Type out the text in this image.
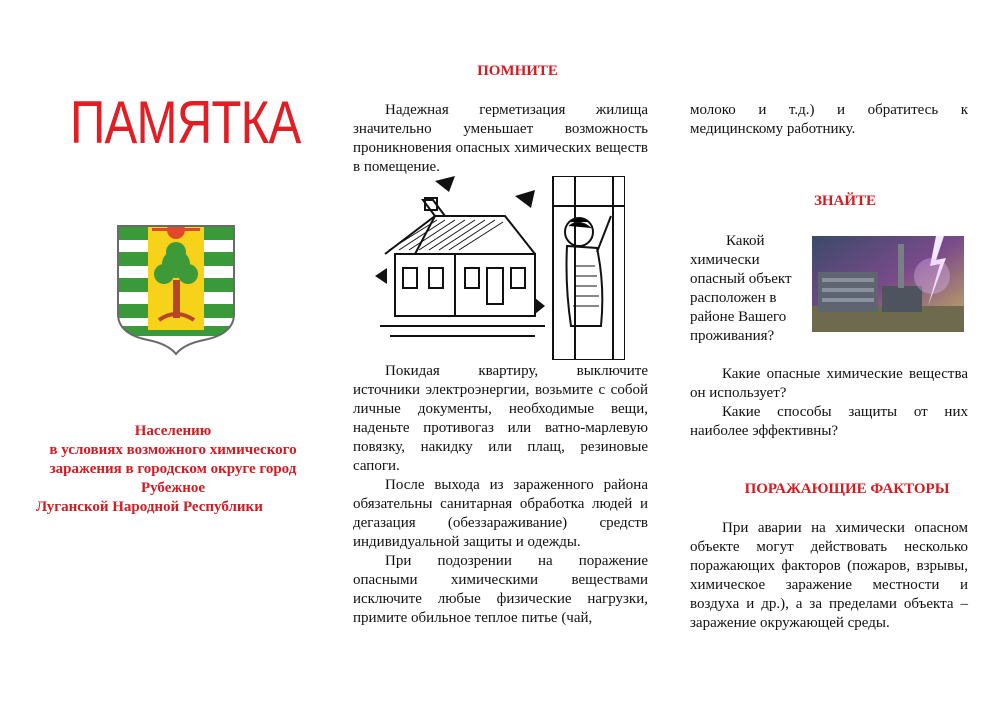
ПАМЯТКА
Населению
в условиях возможного химического
заражения в городском округе город
Рубежное
Луганской Народной Республики
ПОМНИТЕ

Надежная герметизация жилища значительно уменьшает возможность проникновения опасных химических веществ в помещение.

Покидая квартиру, выключите источники электроэнергии, возьмите с собой личные документы, необходимые вещи, наденьте противогаз или ватно-марлевую повязку, накидку или плащ, резиновые сапоги.

После выхода из зараженного района обязательны санитарная обработка людей и дегазация (обеззараживание) средств индивидуальной защиты и одежды.

При подозрении на поражение опасными химическими веществами исключите любые физические нагрузки, примите обильное теплое питье (чай,

молоко и т.д.) и обратитесь к медицинскому работнику.

ЗНАЙТЕ

Какой химически опасный объект расположен в районе Вашего проживания?

Какие опасные химические вещества он использует?

Какие способы защиты от них наиболее эффективны?

ПОРАЖАЮЩИЕ ФАКТОРЫ

При аварии на химически опасном объекте могут действовать несколько поражающих факторов (пожаров, взрывы, химическое заражение местности и воздуха и др.), а за пределами объекта – заражение окружающей среды.
